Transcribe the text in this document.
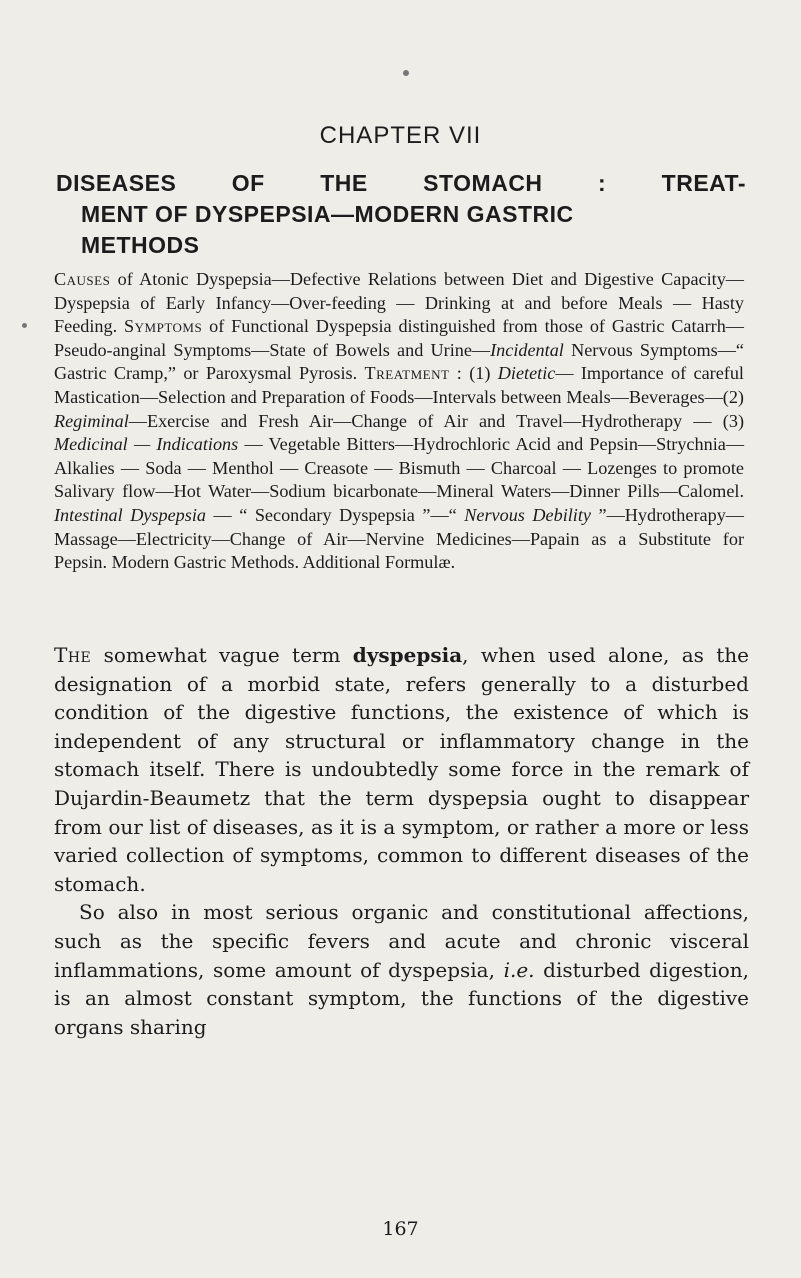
CHAPTER VII
DISEASES OF THE STOMACH : TREAT-
MENT OF DYSPEPSIA—MODERN GASTRIC
METHODS
Causes of Atonic Dyspepsia—Defective Relations between Diet and Digestive Capacity—Dyspepsia of Early Infancy—Over-feeding — Drinking at and before Meals — Hasty Feeding. Symptoms of Functional Dyspepsia distinguished from those of Gastric Catarrh—Pseudo-anginal Symptoms—State of Bowels and Urine—Incidental Nervous Symptoms—“ Gastric Cramp,” or Paroxysmal Pyrosis. Treatment : (1) Dietetic— Importance of careful Mastication—Selection and Preparation of Foods—Intervals between Meals—Beverages—(2) Regiminal—Exercise and Fresh Air—Change of Air and Travel—Hydrotherapy — (3) Medicinal — Indications — Vegetable Bitters—Hydrochloric Acid and Pepsin—Strychnia—Alkalies — Soda — Menthol — Creasote — Bismuth — Charcoal — Lozenges to promote Salivary flow—Hot Water—Sodium bicarbonate—Mineral Waters—Dinner Pills—Calomel. Intestinal Dyspepsia — “ Secondary Dyspepsia ”—“ Nervous Debility ”—Hydrotherapy—Massage—Electricity—Change of Air—Nervine Medicines—Papain as a Substitute for Pepsin. Modern Gastric Methods. Additional Formulæ.

The somewhat vague term dyspepsia, when used alone, as the designation of a morbid state, refers generally to a disturbed condition of the digestive functions, the existence of which is independent of any structural or inflammatory change in the stomach itself. There is undoubtedly some force in the remark of Dujardin-Beaumetz that the term dyspepsia ought to disappear from our list of diseases, as it is a symptom, or rather a more or less varied collection of symptoms, common to different diseases of the stomach.

So also in most serious organic and constitutional affections, such as the specific fevers and acute and chronic visceral inflammations, some amount of dyspepsia, i.e. disturbed digestion, is an almost constant symptom, the functions of the digestive organs sharing

167
